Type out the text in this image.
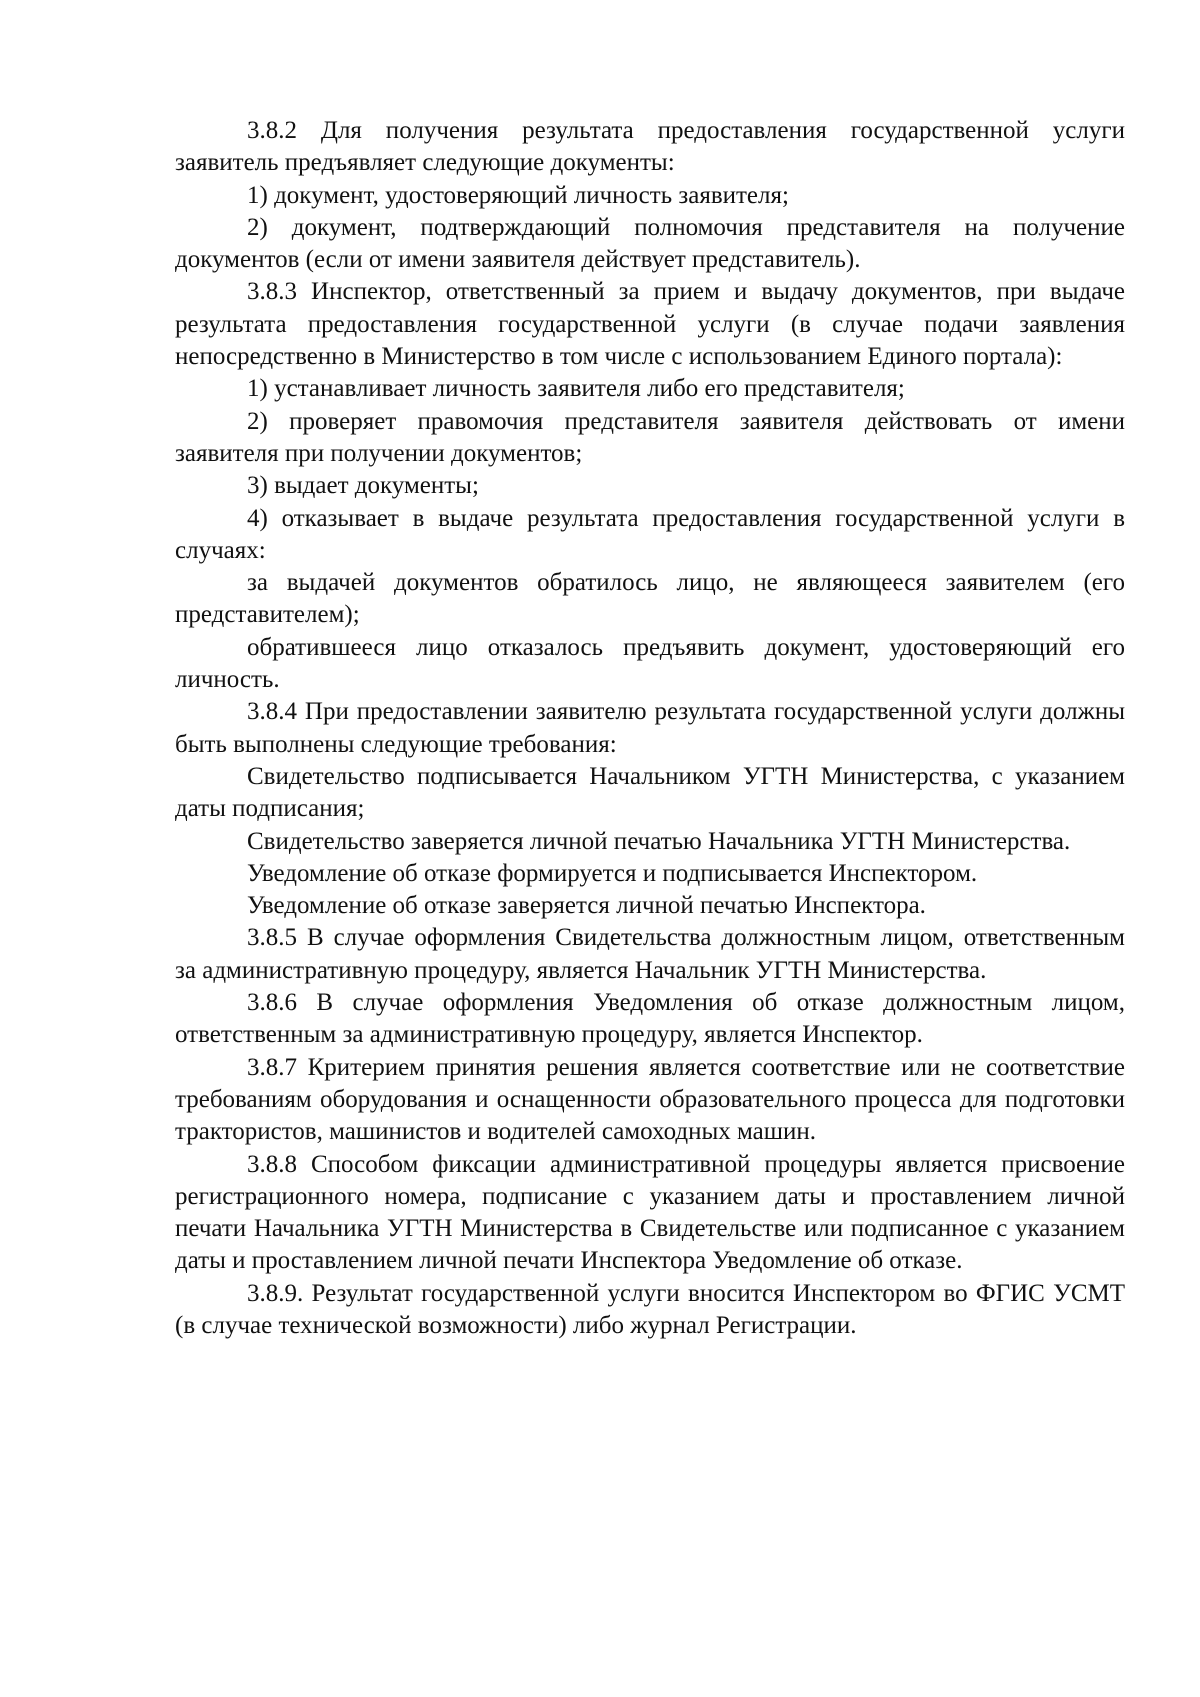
3.8.2 Для получения результата предоставления государственной услуги заявитель предъявляет следующие документы:

1) документ, удостоверяющий личность заявителя;

2) документ, подтверждающий полномочия представителя на получение документов (если от имени заявителя действует представитель).

3.8.3 Инспектор, ответственный за прием и выдачу документов, при выдаче результата предоставления государственной услуги (в случае подачи заявления непосредственно в Министерство в том числе с использованием Единого портала):

1) устанавливает личность заявителя либо его представителя;

2) проверяет правомочия представителя заявителя действовать от имени заявителя при получении документов;

3) выдает документы;

4) отказывает в выдаче результата предоставления государственной услуги в случаях:

за выдачей документов обратилось лицо, не являющееся заявителем (его представителем);

обратившееся лицо отказалось предъявить документ, удостоверяющий его личность.

3.8.4 При предоставлении заявителю результата государственной услуги должны быть выполнены следующие требования:

Свидетельство подписывается Начальником УГТН Министерства, с указанием даты подписания;

Свидетельство заверяется личной печатью Начальника УГТН Министерства.

Уведомление об отказе формируется и подписывается Инспектором.

Уведомление об отказе заверяется личной печатью Инспектора.

3.8.5 В случае оформления Свидетельства должностным лицом, ответственным за административную процедуру, является Начальник УГТН Министерства.

3.8.6 В случае оформления Уведомления об отказе должностным лицом, ответственным за административную процедуру, является Инспектор.

3.8.7 Критерием принятия решения является соответствие или не соответствие требованиям оборудования и оснащенности образовательного процесса для подготовки трактористов, машинистов и водителей самоходных машин.

3.8.8 Способом фиксации административной процедуры является присвоение регистрационного номера, подписание с указанием даты и проставлением личной печати Начальника УГТН Министерства в Свидетельстве или подписанное с указанием даты и проставлением личной печати Инспектора Уведомление об отказе.

3.8.9. Результат государственной услуги вносится Инспектором во ФГИС УСМТ (в случае технической возможности) либо журнал Регистрации.
